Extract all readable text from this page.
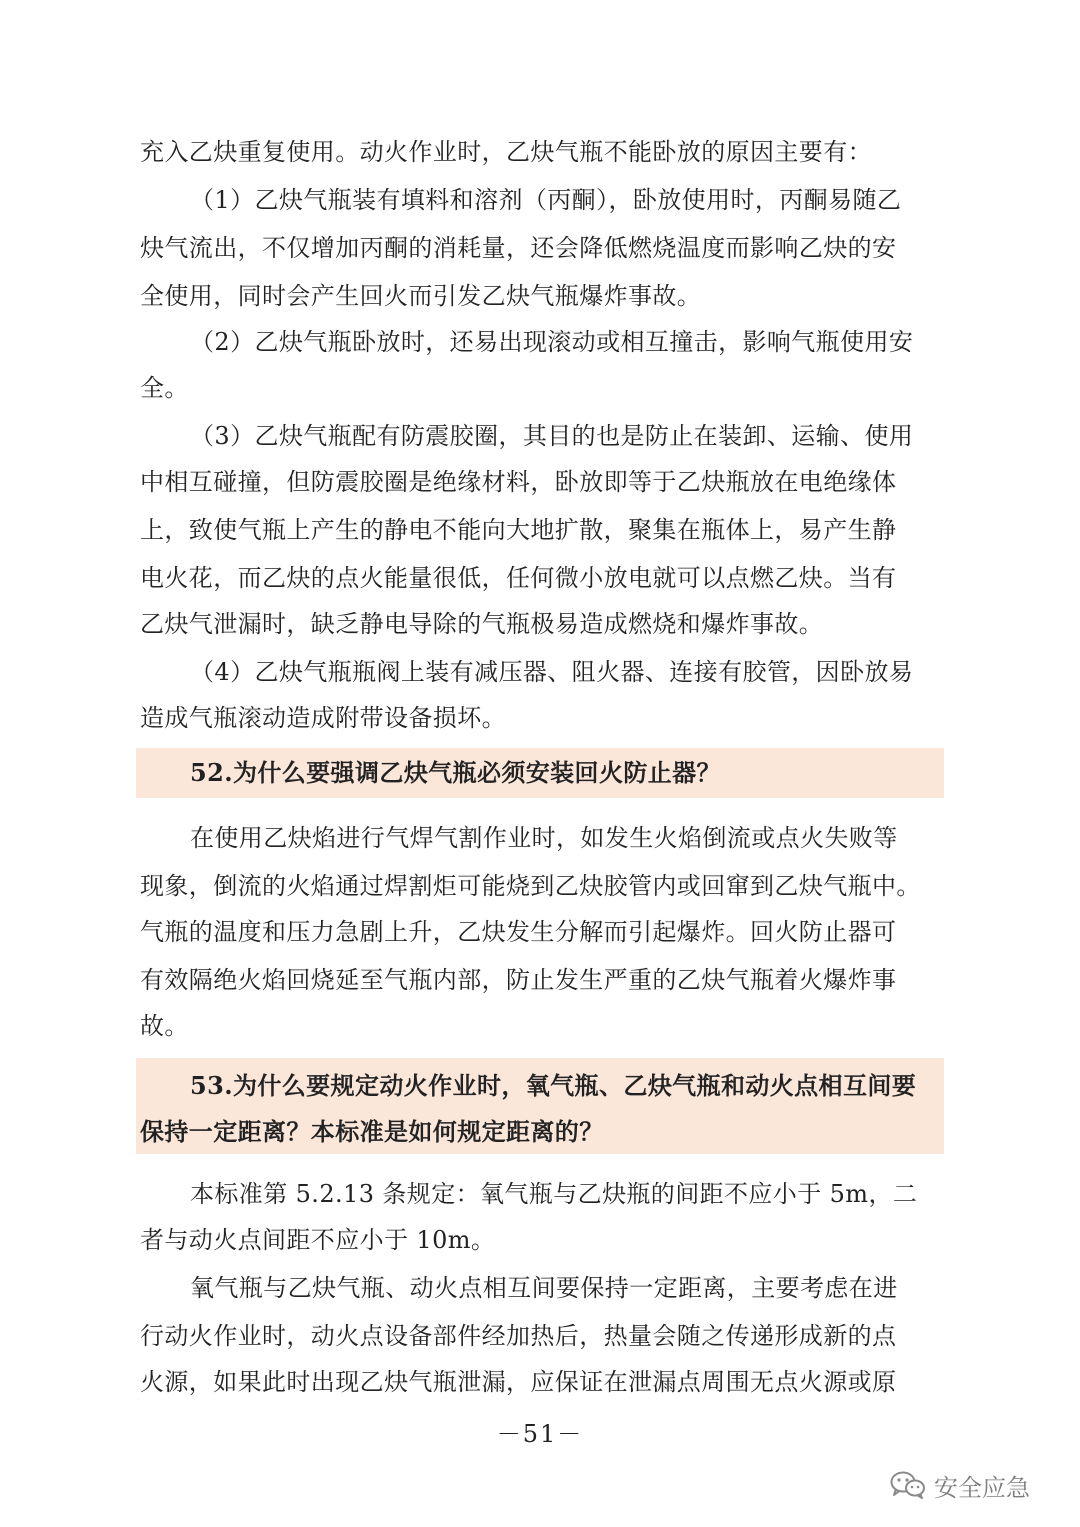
充入乙炔重复使用。动火作业时，乙炔气瓶不能卧放的原因主要有：
（1）乙炔气瓶装有填料和溶剂（丙酮），卧放使用时，丙酮易随乙
炔气流出，不仅增加丙酮的消耗量，还会降低燃烧温度而影响乙炔的安
全使用，同时会产生回火而引发乙炔气瓶爆炸事故。
（2）乙炔气瓶卧放时，还易出现滚动或相互撞击，影响气瓶使用安
全。
（3）乙炔气瓶配有防震胶圈，其目的也是防止在装卸、运输、使用
中相互碰撞，但防震胶圈是绝缘材料，卧放即等于乙炔瓶放在电绝缘体
上，致使气瓶上产生的静电不能向大地扩散，聚集在瓶体上，易产生静
电火花，而乙炔的点火能量很低，任何微小放电就可以点燃乙炔。当有
乙炔气泄漏时，缺乏静电导除的气瓶极易造成燃烧和爆炸事故。
（4）乙炔气瓶瓶阀上装有减压器、阻火器、连接有胶管，因卧放易
造成气瓶滚动造成附带设备损坏。
52.为什么要强调乙炔气瓶必须安装回火防止器？
在使用乙炔焰进行气焊气割作业时，如发生火焰倒流或点火失败等
现象，倒流的火焰通过焊割炬可能烧到乙炔胶管内或回窜到乙炔气瓶中。
气瓶的温度和压力急剧上升，乙炔发生分解而引起爆炸。回火防止器可
有效隔绝火焰回烧延至气瓶内部，防止发生严重的乙炔气瓶着火爆炸事
故。
53.为什么要规定动火作业时，氧气瓶、乙炔气瓶和动火点相互间要
保持一定距离？本标准是如何规定距离的？
本标准第 5.2.13 条规定：氧气瓶与乙炔瓶的间距不应小于 5m，二
者与动火点间距不应小于 10m。
氧气瓶与乙炔气瓶、动火点相互间要保持一定距离，主要考虑在进
行动火作业时，动火点设备部件经加热后，热量会随之传递形成新的点
火源，如果此时出现乙炔气瓶泄漏，应保证在泄漏点周围无点火源或原
－51－
安全应急
